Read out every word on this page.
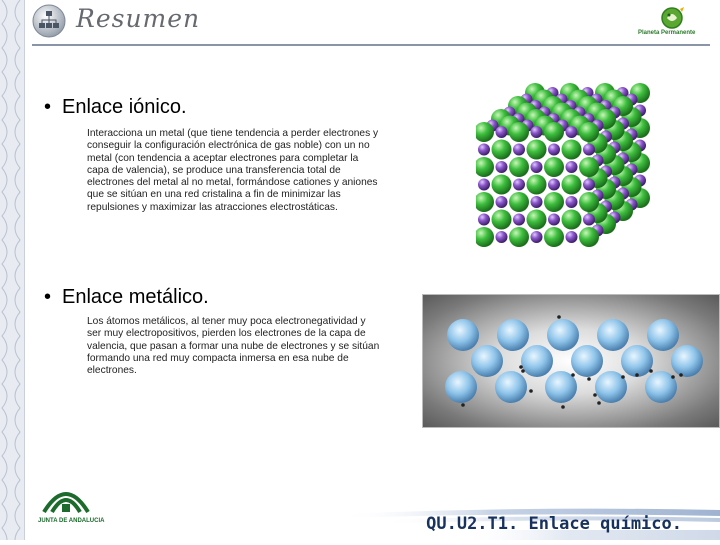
Resumen	Planeta Permanente
• Enlace iónico.
Interacciona un metal (que tiene tendencia a perder electrones y conseguir la configuración electrónica de gas noble) con un no metal (con tendencia a aceptar electrones para completar la capa de valencia), se produce una transferencia total de electrones del metal al no metal, formándose cationes y aniones que se sitúan en una red cristalina a fin de minimizar las repulsiones y maximizar las atracciones electrostáticas.
• Enlace metálico.
Los átomos metálicos, al tener muy poca electronegatividad y ser muy electropositivos, pierden los electrones de la capa de valencia, que pasan a formar una nube de electrones y se sitúan formando una red muy compacta inmersa en esa nube de electrones.
JUNTA DE ANDALUCIA	QU.U2.T1. Enlace químico.
